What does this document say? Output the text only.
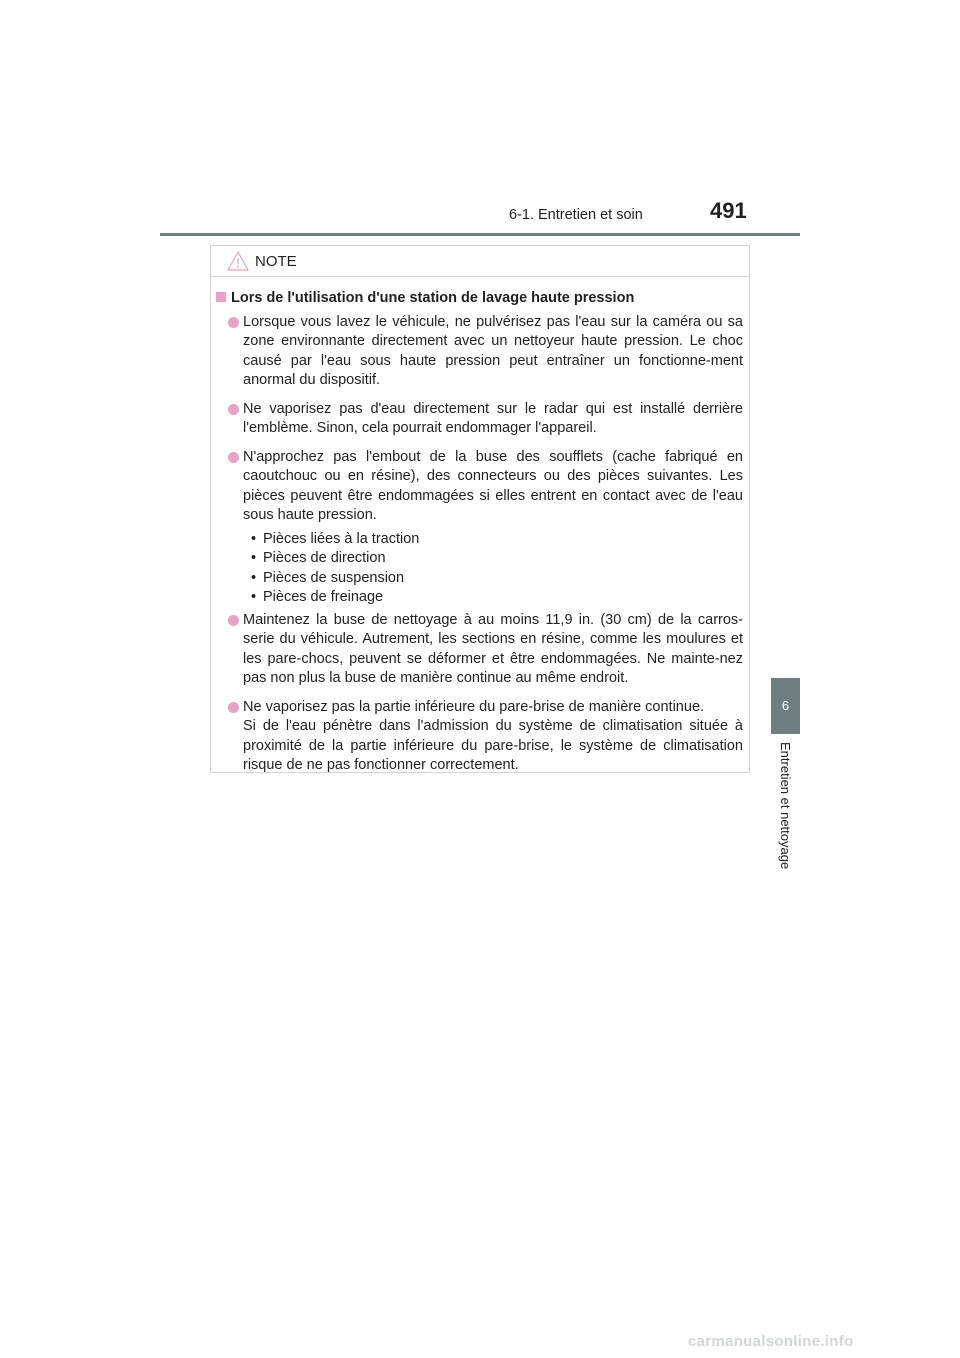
6-1. Entretien et soin	491
6
Entretien et nettoyage
NOTE
Lors de l'utilisation d'une station de lavage haute pression

Lorsque vous lavez le véhicule, ne pulvérisez pas l'eau sur la caméra ou sa zone environnante directement avec un nettoyeur haute pression. Le choc causé par l'eau sous haute pression peut entraîner un fonctionne-ment anormal du dispositif.

Ne vaporisez pas d'eau directement sur le radar qui est installé derrière l'emblème. Sinon, cela pourrait endommager l'appareil.

N'approchez pas l'embout de la buse des soufflets (cache fabriqué en caoutchouc ou en résine), des connecteurs ou des pièces suivantes. Les pièces peuvent être endommagées si elles entrent en contact avec de l'eau sous haute pression.

• Pièces liées à la traction
• Pièces de direction
• Pièces de suspension
• Pièces de freinage

Maintenez la buse de nettoyage à au moins 11,9 in. (30 cm) de la carros-serie du véhicule. Autrement, les sections en résine, comme les moulures et les pare-chocs, peuvent se déformer et être endommagées. Ne mainte-nez pas non plus la buse de manière continue au même endroit.

Ne vaporisez pas la partie inférieure du pare-brise de manière continue.

Si de l'eau pénètre dans l'admission du système de climatisation située à proximité de la partie inférieure du pare-brise, le système de climatisation risque de ne pas fonctionner correctement.

carmanualsonline.info
